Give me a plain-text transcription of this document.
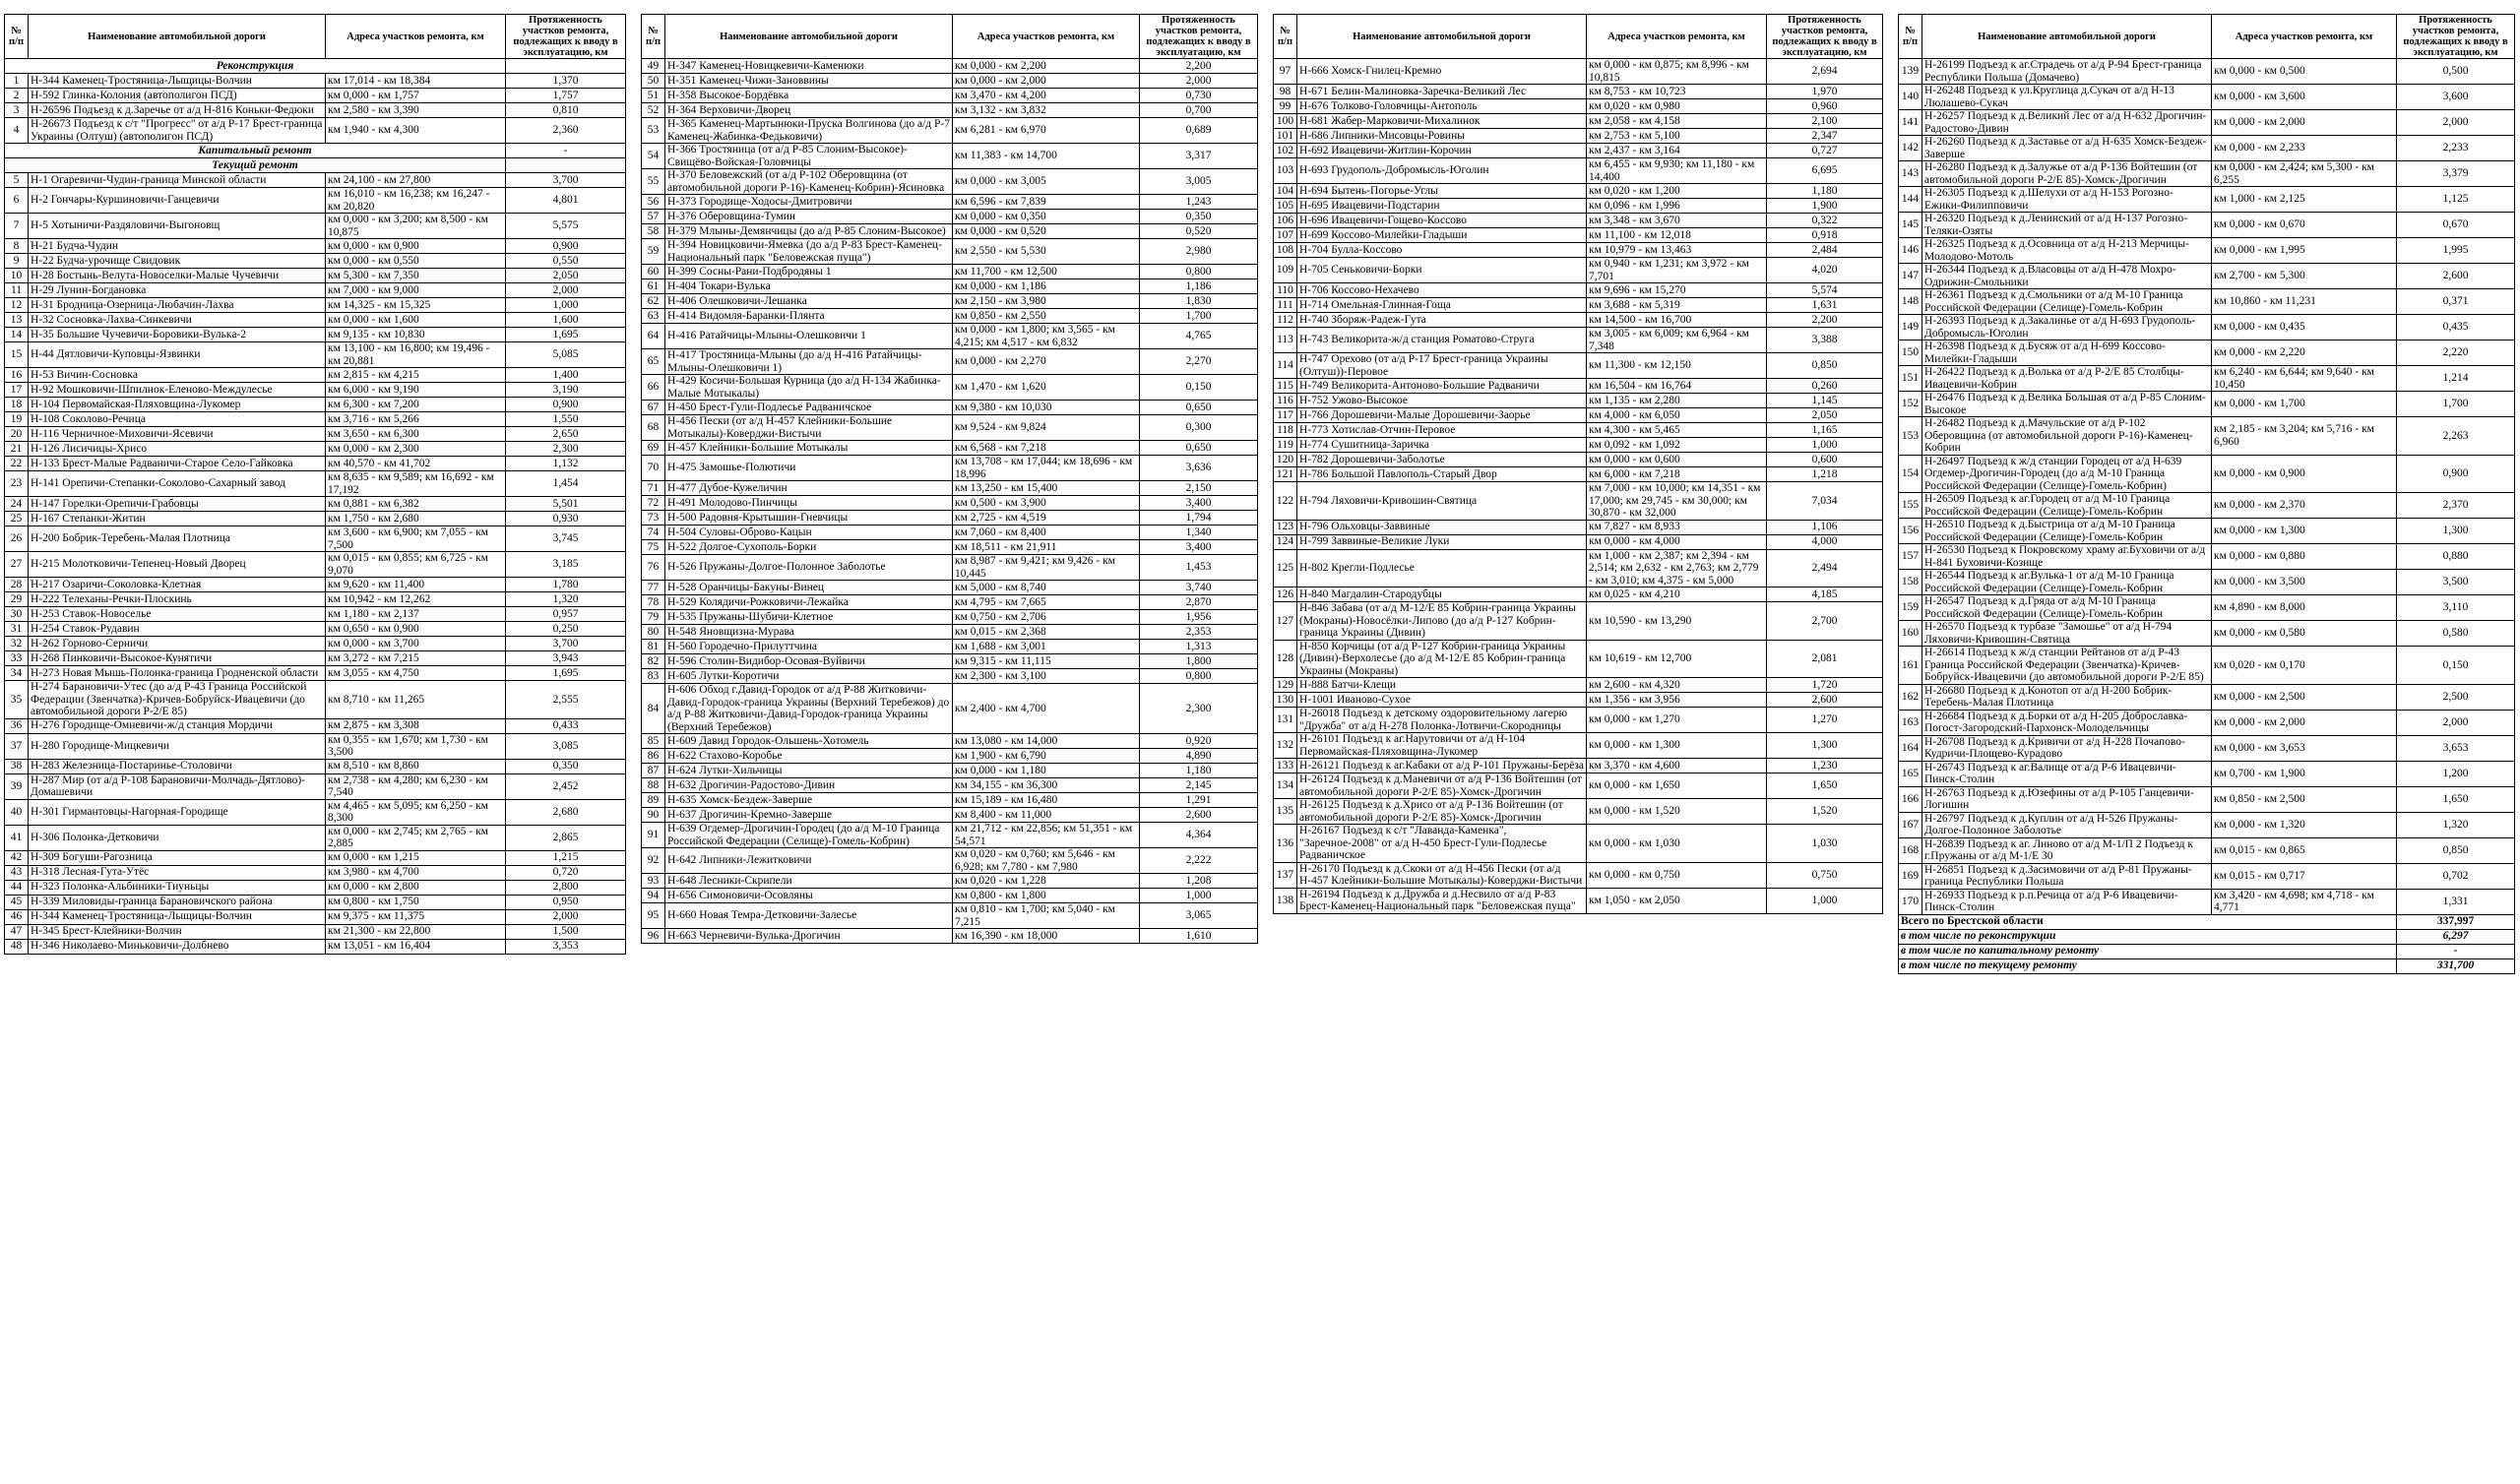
№ п/п	Наименование автомобильной дороги	Адреса участков ремонта, км	Протяженность участков ремонта, подлежащих к вводу в эксплуатацию, км
Реконструкция			
1	Н-344 Каменец-Тростяница-Лыщицы-Волчин	км 17,014 - км 18,384	1,370
2	Н-592 Глинка-Колония (автополигон ПСД)	км 0,000 - км 1,757	1,757
3	Н-26596 Подъезд к д.Заречье от а/д Н-816 Коньки-Федюки	км 2,580 - км 3,390	0,810
4	Н-26673 Подъезд к с/т "Прогресс" от а/д Р-17 Брест-граница Украины (Олтуш) (автополигон ПСД)	км 1,940 - км 4,300	2,360
Капитальный ремонт			-
Текущий ремонт			
5	Н-1 Огаревичи-Чудин-граница Минской области	км 24,100 - км 27,800	3,700
6	Н-2 Гончары-Куршиновичи-Ганцевичи	км 16,010 - км 16,238; км 16,247 - км 20,820	4,801
7	Н-5 Хотыничи-Раздяловичи-Выгоновщ	км 0,000 - км 3,200; км 8,500 - км 10,875	5,575
8	Н-21 Будча-Чудин	км 0,000 - км 0,900	0,900
9	Н-22 Будча-урочище Свидовик	км 0,000 - км 0,550	0,550
10	Н-28 Бостынь-Велута-Новоселки-Малые Чучевичи	км 5,300 - км 7,350	2,050
11	Н-29 Лунин-Богдановка	км 7,000 - км 9,000	2,000
12	Н-31 Бродница-Озерница-Любачин-Лахва	км 14,325 - км 15,325	1,000
13	Н-32 Сосновка-Лахва-Синкевичи	км 0,000 - км 1,600	1,600
14	Н-35 Большие Чучевичи-Боровики-Вулька-2	км 9,135 - км 10,830	1,695
15	Н-44 Дятловичи-Куповцы-Язвинки	км 13,100 - км 16,800; км 19,496 - км 20,881	5,085
16	Н-53 Вичин-Сосновка	км 2,815 - км 4,215	1,400
17	Н-92 Мошковичи-Шпилнок-Еленово-Междулесье	км 6,000 - км 9,190	3,190
18	Н-104 Первомайская-Пляховщина-Лукомер	км 6,300 - км 7,200	0,900
19	Н-108 Соколово-Речица	км 3,716 - км 5,266	1,550
20	Н-116 Черничное-Миховичи-Ясевичи	км 3,650 - км 6,300	2,650
21	Н-126 Лисичицы-Хрисо	км 0,000 - км 2,300	2,300
22	Н-133 Брест-Малые Радваничи-Старое Село-Гайковка	км 40,570 - км 41,702	1,132
23	Н-141 Орепичи-Степанки-Соколово-Сахарный завод	км 8,635 - км 9,589; км 16,692 - км 17,192	1,454
24	Н-147 Горелки-Орепичи-Грабовцы	км 0,881 - км 6,382	5,501
25	Н-167 Степанки-Житин	км 1,750 - км 2,680	0,930
26	Н-200 Бобрик-Теребень-Малая Плотница	км 3,600 - км 6,900; км 7,055 - км 7,500	3,745
27	Н-215 Молотковичи-Тепенец-Новый Дворец	км 0,015 - км 0,855; км 6,725 - км 9,070	3,185
28	Н-217 Озаричи-Соколовка-Клетная	км 9,620 - км 11,400	1,780
29	Н-222 Телеханы-Речки-Плоскинь	км 10,942 - км 12,262	1,320
30	Н-253 Ставок-Новоселье	км 1,180 - км 2,137	0,957
31	Н-254 Ставок-Рудавин	км 0,650 - км 0,900	0,250
32	Н-262 Горново-Серничи	км 0,000 - км 3,700	3,700
33	Н-268 Пинковичи-Высокое-Кунятичи	км 3,272 - км 7,215	3,943
34	Н-273 Новая Мышь-Полонка-граница Гродненской области	км 3,055 - км 4,750	1,695
35	Н-274 Барановичи-Утес (до а/д Р-43 Граница Российской Федерации (Звенчатка)-Кричев-Бобруйск-Ивацевичи (до автомобильной дороги Р-2/Е 85)	км 8,710 - км 11,265	2,555
36	Н-276 Городище-Омневичи-ж/д станция Мордичи	км 2,875 - км 3,308	0,433
37	Н-280 Городище-Мицкевичи	км 0,355 - км 1,670; км 1,730 - км 3,500	3,085
38	Н-283 Железница-Постаринье-Столовичи	км 8,510 - км 8,860	0,350
39	Н-287 Мир (от а/д Р-108 Барановичи-Молчадь-Дятлово)-Домашевичи	км 2,738 - км 4,280; км 6,230 - км 7,540	2,452
40	Н-301 Гирмантовцы-Нагорная-Городище	км 4,465 - км 5,095; км 6,250 - км 8,300	2,680
41	Н-306 Полонка-Детковичи	км 0,000 - км 2,745; км 2,765 - км 2,885	2,865
42	Н-309 Богуши-Рагозница	км 0,000 - км 1,215	1,215
43	Н-318 Лесная-Гута-Утёс	км 3,980 - км 4,700	0,720
44	Н-323 Полонка-Альбиники-Тиуньцы	км 0,000 - км 2,800	2,800
45	Н-339 Миловиды-граница Барановичского района	км 0,800 - км 1,750	0,950
46	Н-344 Каменец-Тростяница-Лыщицы-Волчин	км 9,375 - км 11,375	2,000
47	Н-345 Брест-Клейники-Волчин	км 21,300 - км 22,800	1,500
48	Н-346 Николаево-Миньковичи-Долбнево	км 13,051 - км 16,404	3,353
№ п/п	Наименование автомобильной дороги	Адреса участков ремонта, км	Протяженность участков ремонта, подлежащих к вводу в эксплуатацию, км
49	Н-347 Каменец-Новицкевичи-Каменюки	км 0,000 - км 2,200	2,200
50	Н-351 Каменец-Чижи-Зановвины	км 0,000 - км 2,000	2,000
51	Н-358 Высокое-Бордёвка	км 3,470 - км 4,200	0,730
52	Н-364 Верховичи-Дворец	км 3,132 - км 3,832	0,700
53	Н-365 Каменец-Мартынюки-Пруска Волгинова (до а/д Р-7 Каменец-Жабинка-Федьковичи)	км 6,281 - км 6,970	0,689
54	Н-366 Тростяница (от а/д Р-85 Слоним-Высокое)-Свищёво-Войская-Головчицы	км 11,383 - км 14,700	3,317
55	Н-370 Беловежский (от а/д Р-102 Оберовщина (от автомобильной дороги Р-16)-Каменец-Кобрин)-Ясиновка	км 0,000 - км 3,005	3,005
56	Н-373 Городище-Ходосы-Дмитровичи	км 6,596 - км 7,839	1,243
57	Н-376 Оберовщина-Тумин	км 0,000 - км 0,350	0,350
58	Н-379 Млыны-Демянчицы (до а/д Р-85 Слоним-Высокое)	км 0,000 - км 0,520	0,520
59	Н-394 Новицковичи-Ямевка (до а/д Р-83 Брест-Каменец-Национальный парк "Беловежская пуща")	км 2,550 - км 5,530	2,980
60	Н-399 Сосны-Рани-Подбродяны 1	км 11,700 - км 12,500	0,800
61	Н-404 Токари-Вулька	км 0,000 - км 1,186	1,186
62	Н-406 Олешковичи-Лешанка	км 2,150 - км 3,980	1,830
63	Н-414 Видомля-Баранки-Плянта	км 0,850 - км 2,550	1,700
64	Н-416 Ратайчицы-Млыны-Олешковичи 1	км 0,000 - км 1,800; км 3,565 - км 4,215; км 4,517 - км 6,832	4,765
65	Н-417 Тростяница-Млыны (до а/д Н-416 Ратайчицы-Млыны-Олешковичи 1)	км 0,000 - км 2,270	2,270
66	Н-429 Косичи-Большая Курница (до а/д Н-134 Жабинка-Малые Мотыкалы)	км 1,470 - км 1,620	0,150
67	Н-450 Брест-Гули-Подлесье Радваничское	км 9,380 - км 10,030	0,650
68	Н-456 Пески (от а/д Н-457 Клейники-Большие Мотыкалы)-Коверджи-Вистычи	км 9,524 - км 9,824	0,300
69	Н-457 Клейники-Большие Мотыкалы	км 6,568 - км 7,218	0,650
70	Н-475 Замошье-Полютичи	км 13,708 - км 17,044; км 18,696 - км 18,996	3,636
71	Н-477 Дубое-Кужеличин	км 13,250 - км 15,400	2,150
72	Н-491 Молодово-Пинчицы	км 0,500 - км 3,900	3,400
73	Н-500 Радовня-Крытышин-Гневчицы	км 2,725 - км 4,519	1,794
74	Н-504 Суловы-Оброво-Кацын	км 7,060 - км 8,400	1,340
75	Н-522 Долгое-Сухополь-Борки	км 18,511 - км 21,911	3,400
76	Н-526 Пружаны-Долгое-Полонное Заболотье	км 8,987 - км 9,421; км 9,426 - км 10,445	1,453
77	Н-528 Оранчицы-Бакуны-Винец	км 5,000 - км 8,740	3,740
78	Н-529 Колядичи-Рожковичи-Лежайка	км 4,795 - км 7,665	2,870
79	Н-535 Пружаны-Шубичи-Клетное	км 0,750 - км 2,706	1,956
80	Н-548 Яновщизна-Мурава	км 0,015 - км 2,368	2,353
81	Н-560 Городечно-Прилуттчина	км 1,688 - км 3,001	1,313
82	Н-596 Столин-Видибор-Осовая-Вуйвичи	км 9,315 - км 11,115	1,800
83	Н-605 Лутки-Коротичи	км 2,300 - км 3,100	0,800
84	Н-606 Обход г.Давид-Городок от а/д Р-88 Житковичи-Давид-Городок-граница Украины (Верхний Теребежов) до а/д Р-88 Житковичи-Давид-Городок-граница Украины (Верхний Теребежов)	км 2,400 - км 4,700	2,300
85	Н-609 Давид Городок-Ольшень-Хотомель	км 13,080 - км 14,000	0,920
86	Н-622 Стахово-Коробье	км 1,900 - км 6,790	4,890
87	Н-624 Лутки-Хильчицы	км 0,000 - км 1,180	1,180
88	Н-632 Дрогичин-Радостово-Дивин	км 34,155 - км 36,300	2,145
89	Н-635 Хомск-Бездеж-Заверше	км 15,189 - км 16,480	1,291
90	Н-637 Дрогичин-Кремно-Заверше	км 8,400 - км 11,000	2,600
91	Н-639 Огдемер-Дрогичин-Городец (до а/д М-10 Граница Российской Федерации (Селище)-Гомель-Кобрин)	км 21,712 - км 22,856; км 51,351 - км 54,571	4,364
92	Н-642 Липники-Лежитковичи	км 0,020 - км 0,760; км 5,646 - км 6,928; км 7,780 - км 7,980	2,222
93	Н-648 Лесники-Скрипели	км 0,020 - км 1,228	1,208
94	Н-656 Симоновичи-Осовляны	км 0,800 - км 1,800	1,000
95	Н-660 Новая Темра-Детковичи-Залесье	км 0,810 - км 1,700; км 5,040 - км 7,215	3,065
96	Н-663 Черневичи-Вулька-Дрогичин	км 16,390 - км 18,000	1,610
№ п/п	Наименование автомобильной дороги	Адреса участков ремонта, км	Протяженность участков ремонта, подлежащих к вводу в эксплуатацию, км
97	Н-666 Хомск-Гнилец-Кремно	км 0,000 - км 0,875; км 8,996 - км 10,815	2,694
98	Н-671 Белин-Малиновка-Заречка-Великий Лес	км 8,753 - км 10,723	1,970
99	Н-676 Толково-Головчицы-Антополь	км 0,020 - км 0,980	0,960
100	Н-681 Жабер-Марковичи-Михалинок	км 2,058 - км 4,158	2,100
101	Н-686 Липники-Мисовцы-Ровины	км 2,753 - км 5,100	2,347
102	Н-692 Ивацевичи-Житлин-Корочин	км 2,437 - км 3,164	0,727
103	Н-693 Грудополь-Добромысль-Юголин	км 6,455 - км 9,930; км 11,180 - км 14,400	6,695
104	Н-694 Бытень-Погорье-Углы	км 0,020 - км 1,200	1,180
105	Н-695 Ивацевичи-Подстарин	км 0,096 - км 1,996	1,900
106	Н-696 Ивацевичи-Гощево-Коссово	км 3,348 - км 3,670	0,322
107	Н-699 Коссово-Милейки-Гладыши	км 11,100 - км 12,018	0,918
108	Н-704 Булла-Коссово	км 10,979 - км 13,463	2,484
109	Н-705 Сеньковичи-Борки	км 0,940 - км 1,231; км 3,972 - км 7,701	4,020
110	Н-706 Коссово-Нехачево	км 9,696 - км 15,270	5,574
111	Н-714 Омельная-Глинная-Гоща	км 3,688 - км 5,319	1,631
112	Н-740 Зборяж-Радеж-Гута	км 14,500 - км 16,700	2,200
113	Н-743 Великорита-ж/д станция Роматово-Струга	км 3,005 - км 6,009; км 6,964 - км 7,348	3,388
114	Н-747 Орехово (от а/д Р-17 Брест-граница Украины (Олтуш))-Перовое	км 11,300 - км 12,150	0,850
115	Н-749 Великорита-Антоново-Большие Радваничи	км 16,504 - км 16,764	0,260
116	Н-752 Ужово-Высокое	км 1,135 - км 2,280	1,145
117	Н-766 Дорошевичи-Малые Дорошевичи-Заорье	км 4,000 - км 6,050	2,050
118	Н-773 Хотислав-Отчин-Перовое	км 4,300 - км 5,465	1,165
119	Н-774 Сушитница-Заричка	км 0,092 - км 1,092	1,000
120	Н-782 Дорошевичи-Заболотье	км 0,000 - км 0,600	0,600
121	Н-786 Большой Павлополь-Старый Двор	км 6,000 - км 7,218	1,218
122	Н-794 Ляховичи-Кривошин-Святица	км 7,000 - км 10,000; км 14,351 - км 17,000; км 29,745 - км 30,000; км 30,870 - км 32,000	7,034
123	Н-796 Ольховцы-Заввиные	км 7,827 - км 8,933	1,106
124	Н-799 Заввиные-Великие Луки	км 0,000 - км 4,000	4,000
125	Н-802 Крегли-Подлесье	км 1,000 - км 2,387; км 2,394 - км 2,514; км 2,632 - км 2,763; км 2,779 - км 3,010; км 4,375 - км 5,000	2,494
126	Н-840 Магдалин-Стародубцы	км 0,025 - км 4,210	4,185
127	Н-846 Забава (от а/д М-12/Е 85 Кобрин-граница Украины (Мокраны)-Новосёлки-Липово (до а/д Р-127 Кобрин-граница Украины (Дивин)	км 10,590 - км 13,290	2,700
128	Н-850 Корчицы (от а/д Р-127 Кобрин-граница Украины (Дивин)-Верхолесье (до а/д М-12/Е 85 Кобрин-граница Украины (Мокраны)	км 10,619 - км 12,700	2,081
129	Н-888 Батчи-Клещи	км 2,600 - км 4,320	1,720
130	Н-1001 Иваново-Сухое	км 1,356 - км 3,956	2,600
131	Н-26018 Подъезд к детскому оздоровительному лагерю "Дружба" от а/д Н-278 Полонка-Лотвичи-Скородницы	км 0,000 - км 1,270	1,270
132	Н-26101 Подъезд к аг.Нарутовичи от а/д Н-104 Первомайская-Пляховщина-Лукомер	км 0,000 - км 1,300	1,300
133	Н-26121 Подъезд к аг.Кабаки от а/д Р-101 Пружаны-Берёза	км 3,370 - км 4,600	1,230
134	Н-26124 Подъезд к д.Маневичи от а/д Р-136 Войтешин (от автомобильной дороги Р-2/Е 85)-Хомск-Дрогичин	км 0,000 - км 1,650	1,650
135	Н-26125 Подъезд к д.Хрисо от а/д Р-136 Войтешин (от автомобильной дороги Р-2/Е 85)-Хомск-Дрогичин	км 0,000 - км 1,520	1,520
136	Н-26167 Подъезд к с/т "Лаванда-Каменка", "Заречное-2008" от а/д Н-450 Брест-Гули-Подлесье Радваничское	км 0,000 - км 1,030	1,030
137	Н-26170 Подъезд к д.Скоки от а/д Н-456 Пески (от а/д Н-457 Клейники-Большие Мотыкалы)-Коверджи-Вистычи	км 0,000 - км 0,750	0,750
138	Н-26194 Подъезд к д.Дружба и д.Несвило от а/д Р-83 Брест-Каменец-Национальный парк "Беловежская пуща"	км 1,050 - км 2,050	1,000
№ п/п	Наименование автомобильной дороги	Адреса участков ремонта, км	Протяженность участков ремонта, подлежащих к вводу в эксплуатацию, км
139	Н-26199 Подъезд к аг.Страдечь от а/д Р-94 Брест-граница Республики Польша (Домачево)	км 0,000 - км 0,500	0,500
140	Н-26248 Подъезд к ул.Круглица д.Сукач от а/д Н-13 Люлашево-Сукач	км 0,000 - км 3,600	3,600
141	Н-26257 Подъезд к д.Великий Лес от а/д Н-632 Дрогичин-Радостово-Дивин	км 0,000 - км 2,000	2,000
142	Н-26260 Подъезд к д.Заставье от а/д Н-635 Хомск-Бездеж-Заверше	км 0,000 - км 2,233	2,233
143	Н-26280 Подъезд к д.Залужье от а/д Р-136 Войтешин (от автомобильной дороги Р-2/Е 85)-Хомск-Дрогичин	км 0,000 - км 2,424; км 5,300 - км 6,255	3,379
144	Н-26305 Подъезд к д.Шелухи от а/д Н-153 Рогозно-Ежики-Филипповичи	км 1,000 - км 2,125	1,125
145	Н-26320 Подъезд к д.Ленинский от а/д Н-137 Рогозно-Теляки-Озяты	км 0,000 - км 0,670	0,670
146	Н-26325 Подъезд к д.Осовница от а/д Н-213 Мерчицы-Молодово-Мотоль	км 0,000 - км 1,995	1,995
147	Н-26344 Подъезд к д.Власовцы от а/д Н-478 Мохро-Одрижин-Смольники	км 2,700 - км 5,300	2,600
148	Н-26361 Подъезд к д.Смольники от а/д М-10 Граница Российской Федерации (Селище)-Гомель-Кобрин	км 10,860 - км 11,231	0,371
149	Н-26393 Подъезд к д.Закалинье от а/д Н-693 Грудополь-Добромысль-Юголин	км 0,000 - км 0,435	0,435
150	Н-26398 Подъезд к д.Бусяж от а/д Н-699 Коссово-Милейки-Гладыши	км 0,000 - км 2,220	2,220
151	Н-26422 Подъезд к д.Волька от а/д Р-2/Е 85 Столбцы-Ивацевичи-Кобрин	км 6,240 - км 6,644; км 9,640 - км 10,450	1,214
152	Н-26476 Подъезд к д.Велика Большая от а/д Р-85 Слоним-Высокое	км 0,000 - км 1,700	1,700
153	Н-26482 Подъезд к д.Мачульские от а/д Р-102 Оберовщина (от автомобильной дороги Р-16)-Каменец-Кобрин	км 2,185 - км 3,204; км 5,716 - км 6,960	2,263
154	Н-26497 Подъезд к ж/д станции Городец от а/д Н-639 Огдемер-Дрогичин-Городец (до а/д М-10 Граница Российской Федерации (Селище)-Гомель-Кобрин)	км 0,000 - км 0,900	0,900
155	Н-26509 Подъезд к аг.Городец от а/д М-10 Граница Российской Федерации (Селище)-Гомель-Кобрин	км 0,000 - км 2,370	2,370
156	Н-26510 Подъезд к д.Быстрица от а/д М-10 Граница Российской Федерации (Селище)-Гомель-Кобрин	км 0,000 - км 1,300	1,300
157	Н-26530 Подъезд к Покровскому храму аг.Буховичи от а/д Н-841 Буховичи-Козище	км 0,000 - км 0,880	0,880
158	Н-26544 Подъезд к аг.Вулька-1 от а/д М-10 Граница Российской Федерации (Селище)-Гомель-Кобрин	км 0,000 - км 3,500	3,500
159	Н-26547 Подъезд к д.Гряда от а/д М-10 Граница Российской Федерации (Селище)-Гомель-Кобрин	км 4,890 - км 8,000	3,110
160	Н-26570 Подъезд к турбазе "Замошье" от а/д Н-794 Ляховичи-Кривошин-Святица	км 0,000 - км 0,580	0,580
161	Н-26614 Подъезд к ж/д станции Рейтанов от а/д Р-43 Граница Российской Федерации (Звенчатка)-Кричев-Бобруйск-Ивацевичи (до автомобильной дороги Р-2/Е 85)	км 0,020 - км 0,170	0,150
162	Н-26680 Подъезд к д.Конотоп от а/д Н-200 Бобрик-Теребень-Малая Плотница	км 0,000 - км 2,500	2,500
163	Н-26684 Подъезд к д.Борки от а/д Н-205 Доброславка-Погост-Загородский-Пархонск-Молодельчицы	км 0,000 - км 2,000	2,000
164	Н-26708 Подъезд к д.Кривичи от а/д Н-228 Почапово-Кудричи-Площево-Курадово	км 0,000 - км 3,653	3,653
165	Н-26743 Подъезд к аг.Валище от а/д Р-6 Ивацевичи-Пинск-Столин	км 0,700 - км 1,900	1,200
166	Н-26763 Подъезд к д.Юзефины от а/д Р-105 Ганцевичи-Логишин	км 0,850 - км 2,500	1,650
167	Н-26797 Подъезд к д.Куплин от а/д Н-526 Пружаны-Долгое-Полонное Заболотье	км 0,000 - км 1,320	1,320
168	Н-26839 Подъезд к аг. Линово от а/д М-1/П 2 Подъезд к г.Пружаны от а/д М-1/Е 30	км 0,015 - км 0,865	0,850
169	Н-26851 Подъезд к д.Засимовичи от а/д Р-81 Пружаны-граница Республики Польша	км 0,015 - км 0,717	0,702
170	Н-26933 Подъезд к р.п.Речица от а/д Р-6 Ивацевичи-Пинск-Столин	км 3,420 - км 4,698; км 4,718 - км 4,771	1,331
Всего по Брестской области			337,997
в том числе по реконструкции			6,297
в том числе по капитальному ремонту			-
в том числе по текущему ремонту			331,700
